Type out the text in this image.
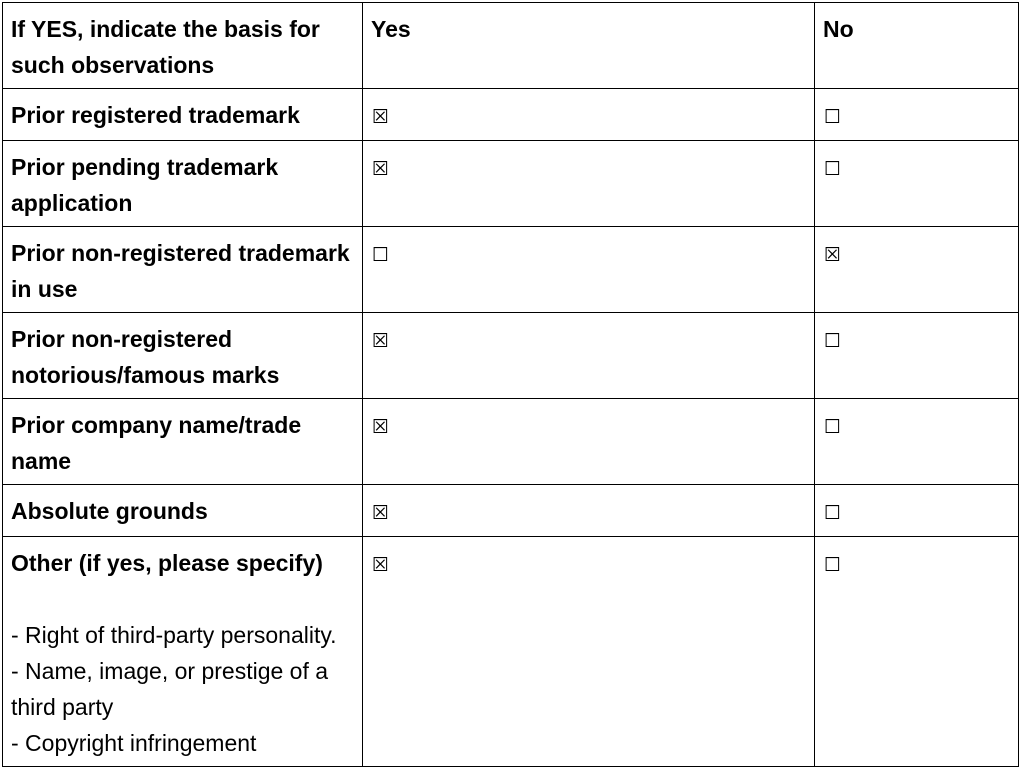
If YES, indicate the basis for such observations	Yes	No
Prior registered trademark	☒	☐
Prior pending trademark application	☒	☐
Prior non-registered trademark in use	☐	☒
Prior non-registered notorious/famous marks	☒	☐
Prior company name/trade name	☒	☐
Absolute grounds	☒	☐
Other (if yes, please specify)
- Right of third-party personality.
- Name, image, or prestige of a third party
- Copyright infringement	☒	☐
